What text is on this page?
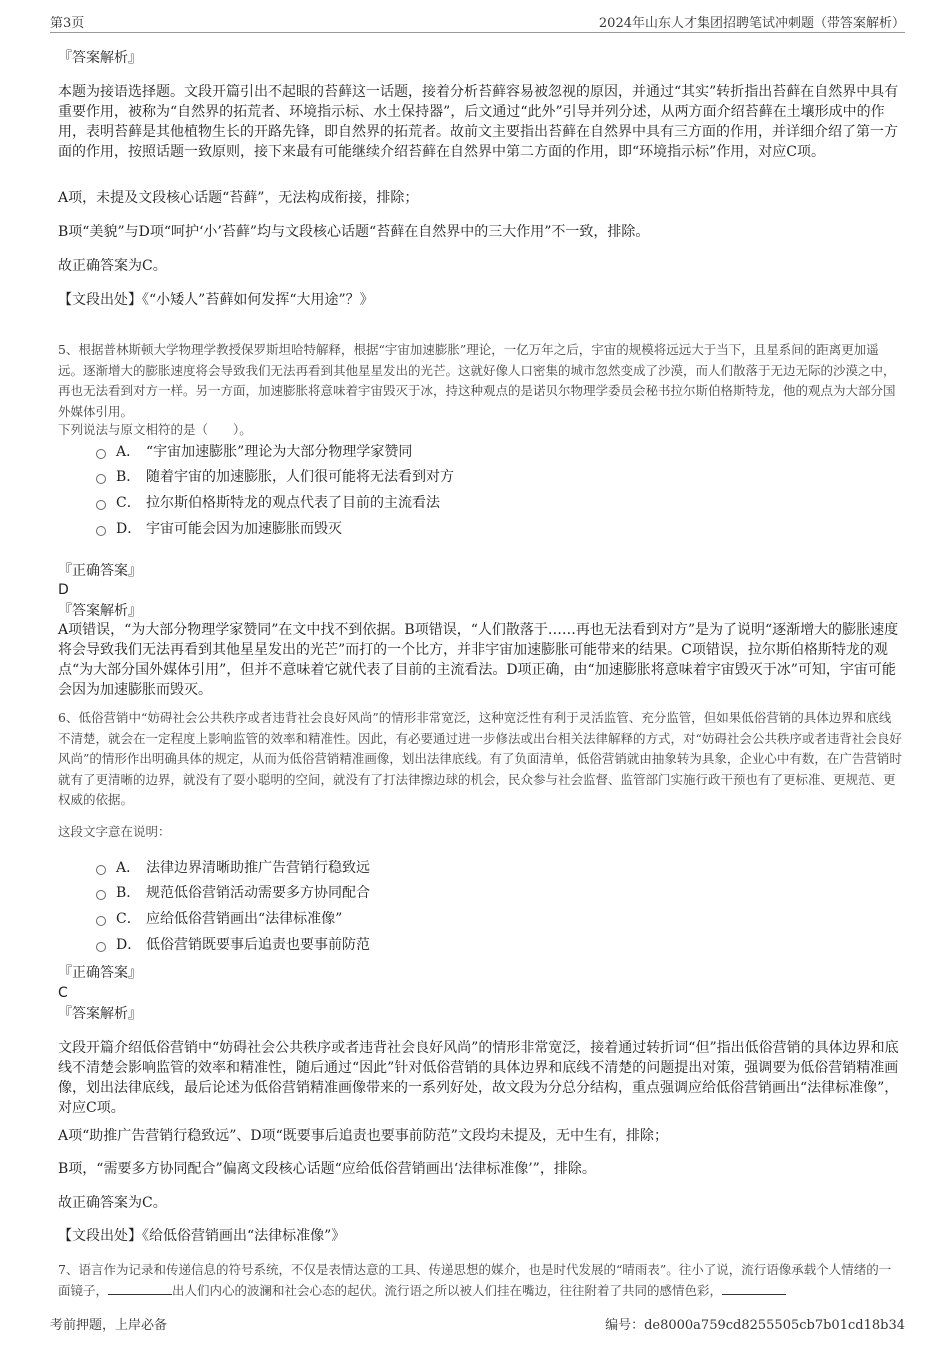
第3页	2024年山东人才集团招聘笔试冲刺题（带答案解析）
『答案解析』
本题为接语选择题。文段开篇引出不起眼的苔藓这一话题，接着分析苔藓容易被忽视的原因，并通过“其实”转折指出苔藓在自然界中具有重要作用，被称为“自然界的拓荒者、环境指示标、水土保持器”，后文通过“此外”引导并列分述，从两方面介绍苔藓在土壤形成中的作用，表明苔藓是其他植物生长的开路先锋，即自然界的拓荒者。故前文主要指出苔藓在自然界中具有三方面的作用，并详细介绍了第一方面的作用，按照话题一致原则，接下来最有可能继续介绍苔藓在自然界中第二方面的作用，即“环境指示标”作用，对应C项。
A项，未提及文段核心话题“苔藓”，无法构成衔接，排除；
B项“美貌”与D项“呵护‘小’苔藓”均与文段核心话题“苔藓在自然界中的三大作用”不一致，排除。
故正确答案为C。
【文段出处】《“小矮人”苔藓如何发挥“大用途”？》
5、根据普林斯顿大学物理学教授保罗斯坦哈特解释，根据“宇宙加速膨胀”理论，一亿万年之后，宇宙的规模将远远大于当下，且星系间的距离更加遥远。逐渐增大的膨胀速度将会导致我们无法再看到其他星星发出的光芒。这就好像人口密集的城市忽然变成了沙漠，而人们散落于无边无际的沙漠之中，再也无法看到对方一样。另一方面，加速膨胀将意味着宇宙毁灭于冰，持这种观点的是诺贝尔物理学委员会秘书拉尔斯伯格斯特龙，他的观点为大部分国外媒体引用。
下列说法与原文相符的是（　　）。
A． “宇宙加速膨胀”理论为大部分物理学家赞同
B． 随着宇宙的加速膨胀，人们很可能将无法看到对方
C． 拉尔斯伯格斯特龙的观点代表了目前的主流看法
D． 宇宙可能会因为加速膨胀而毁灭
『正确答案』
D
『答案解析』
A项错误，“为大部分物理学家赞同”在文中找不到依据。B项错误，“人们散落于……再也无法看到对方”是为了说明“逐渐增大的膨胀速度将会导致我们无法再看到其他星星发出的光芒”而打的一个比方，并非宇宙加速膨胀可能带来的结果。C项错误，拉尔斯伯格斯特龙的观点“为大部分国外媒体引用”，但并不意味着它就代表了目前的主流看法。D项正确，由“加速膨胀将意味着宇宙毁灭于冰”可知，宇宙可能会因为加速膨胀而毁灭。
6、低俗营销中“妨碍社会公共秩序或者违背社会良好风尚”的情形非常宽泛，这种宽泛性有利于灵活监管、充分监管，但如果低俗营销的具体边界和底线不清楚，就会在一定程度上影响监管的效率和精准性。因此，有必要通过进一步修法或出台相关法律解释的方式，对“妨碍社会公共秩序或者违背社会良好风尚”的情形作出明确具体的规定，从而为低俗营销精准画像，划出法律底线。有了负面清单，低俗营销就由抽象转为具象，企业心中有数，在广告营销时就有了更清晰的边界，就没有了耍小聪明的空间，就没有了打法律擦边球的机会，民众参与社会监督、监管部门实施行政干预也有了更标准、更规范、更权威的依据。
这段文字意在说明：
A． 法律边界清晰助推广告营销行稳致远
B． 规范低俗营销活动需要多方协同配合
C． 应给低俗营销画出“法律标准像”
D． 低俗营销既要事后追责也要事前防范
『正确答案』
C
『答案解析』
文段开篇介绍低俗营销中“妨碍社会公共秩序或者违背社会良好风尚”的情形非常宽泛，接着通过转折词“但”指出低俗营销的具体边界和底线不清楚会影响监管的效率和精准性，随后通过“因此”针对低俗营销的具体边界和底线不清楚的问题提出对策，强调要为低俗营销精准画像，划出法律底线，最后论述为低俗营销精准画像带来的一系列好处，故文段为分总分结构，重点强调应给低俗营销画出“法律标准像”，对应C项。
A项“助推广告营销行稳致远”、D项“既要事后追责也要事前防范”文段均未提及，无中生有，排除；
B项，“需要多方协同配合”偏离文段核心话题“应给低俗营销画出‘法律标准像’”，排除。
故正确答案为C。
【文段出处】《给低俗营销画出“法律标准像”》
7、语言作为记录和传递信息的符号系统，不仅是表情达意的工具、传递思想的媒介，也是时代发展的“晴雨表”。往小了说，流行语像承载个人情绪的一面镜子，	出人们内心的波澜和社会心态的起伏。流行语之所以被人们挂在嘴边，往往附着了共同的感情色彩，
考前押题，上岸必备	编号：de8000a759cd8255505cb7b01cd18b34
